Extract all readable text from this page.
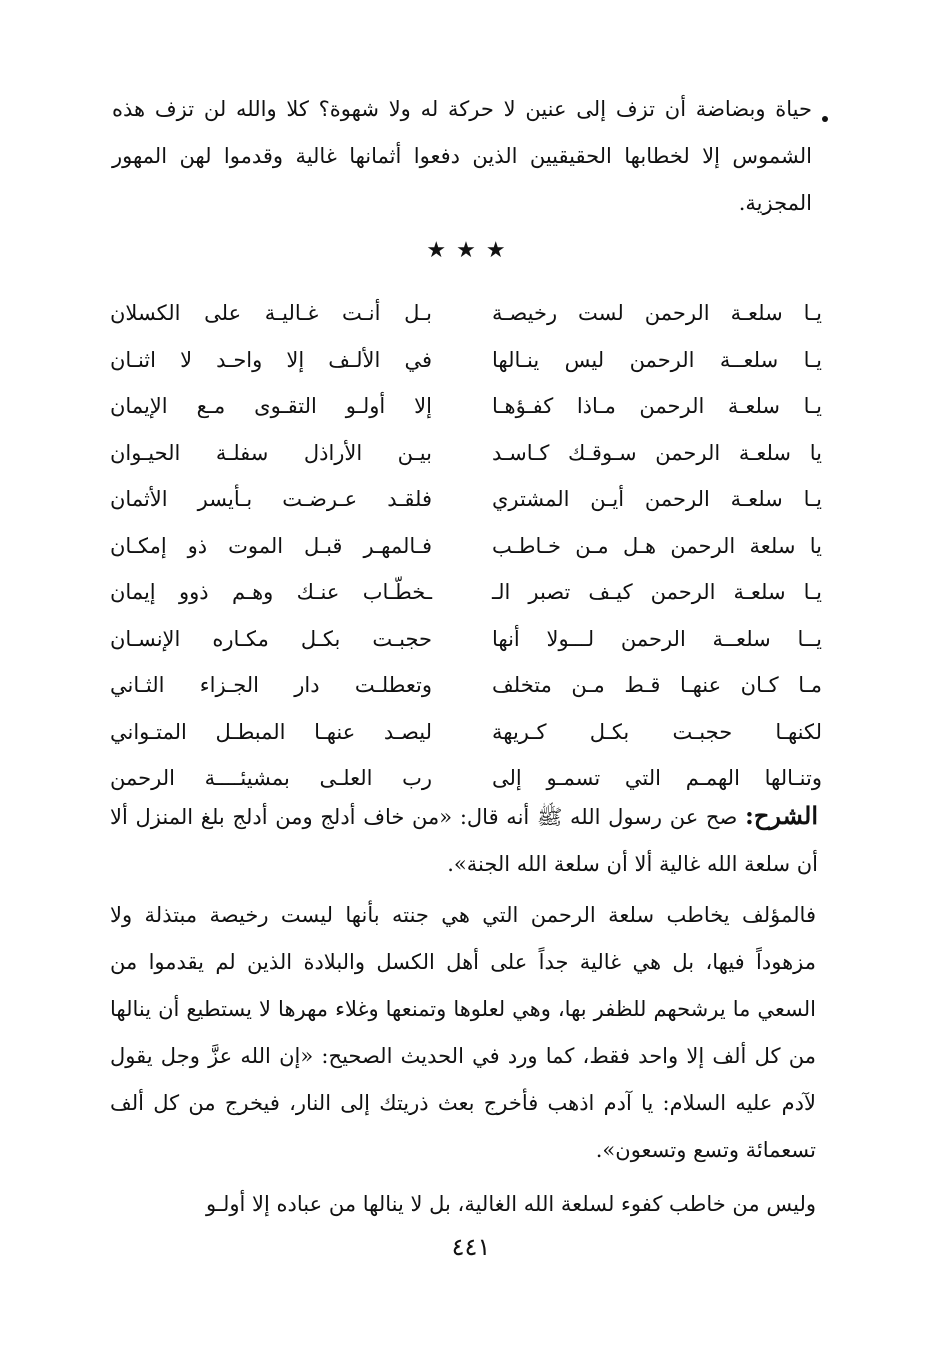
حياة وبضاضة أن تزف إلى عنين لا حركة له ولا شهوة؟ كلا والله لن تزف هذه الشموس إلا لخطابها الحقيقيين الذين دفعوا أثمانها غالية وقدموا لهن المهور المجزية.

★★★
يـا سلعـة الرحمن لست رخيصـة
بـل أنـت غـاليـة على الكسلان
يـا سلعــة الرحمن ليس ينـالها
في الألـف إلا واحـد لا اثنـان
يـا سلعـة الرحمن مـاذا كفـؤهـا
إلا أولـو التقـوى مـع الإيمان
يا سلعـة الرحمن سـوقـك كـاسـد
بيـن الأراذل سفلـة الحيـوان
يـا سلعـة الرحمن أيـن المشتري
فلقـد عـرضـت بـأيسر الأثمان
يا سلعة الرحمن هـل مـن خـاطـب
فـالمهـر قبـل الموت ذو إمكـان
يـا سلعـة الرحمن كيـف تصبر الـ
ـخطّـاب عنـك وهـم ذوو إيمان
يــا سلعــة الرحمن لـــولا أنها
حجبـت بكـل مكـاره الإنسـان
مـا كـان عنهـا قـط مـن متخلف
وتعطلـت دار الجـزاء الثـاني
لكنهـا حجبـت بكـل كـريهة
ليصـد عنهـا المبطـل المتـواني
وتنـالها الهمـم التي تسمـو إلى
رب العلـى بمشيئــــة الرحمن

الشرح: صح عن رسول الله ﷺ أنه قال: «من خاف أدلج ومن أدلج بلغ المنزل ألا أن سلعة الله غالية ألا أن سلعة الله الجنة».

فالمؤلف يخاطب سلعة الرحمن التي هي جنته بأنها ليست رخيصة مبتذلة ولا مزهوداً فيها، بل هي غالية جداً على أهل الكسل والبلادة الذين لم يقدموا من السعي ما يرشحهم للظفر بها، وهي لعلوها وتمنعها وغلاء مهرها لا يستطيع أن ينالها من كل ألف إلا واحد فقط، كما ورد في الحديث الصحيح: «إن الله عزَّ وجل يقول لآدم عليه السلام: يا آدم اذهب فأخرج بعث ذريتك إلى النار، فيخرج من كل ألف تسعمائة وتسع وتسعون».

وليس من خاطب كفوء لسلعة الله الغالية، بل لا ينالها من عباده إلا أولـو

٤٤١
